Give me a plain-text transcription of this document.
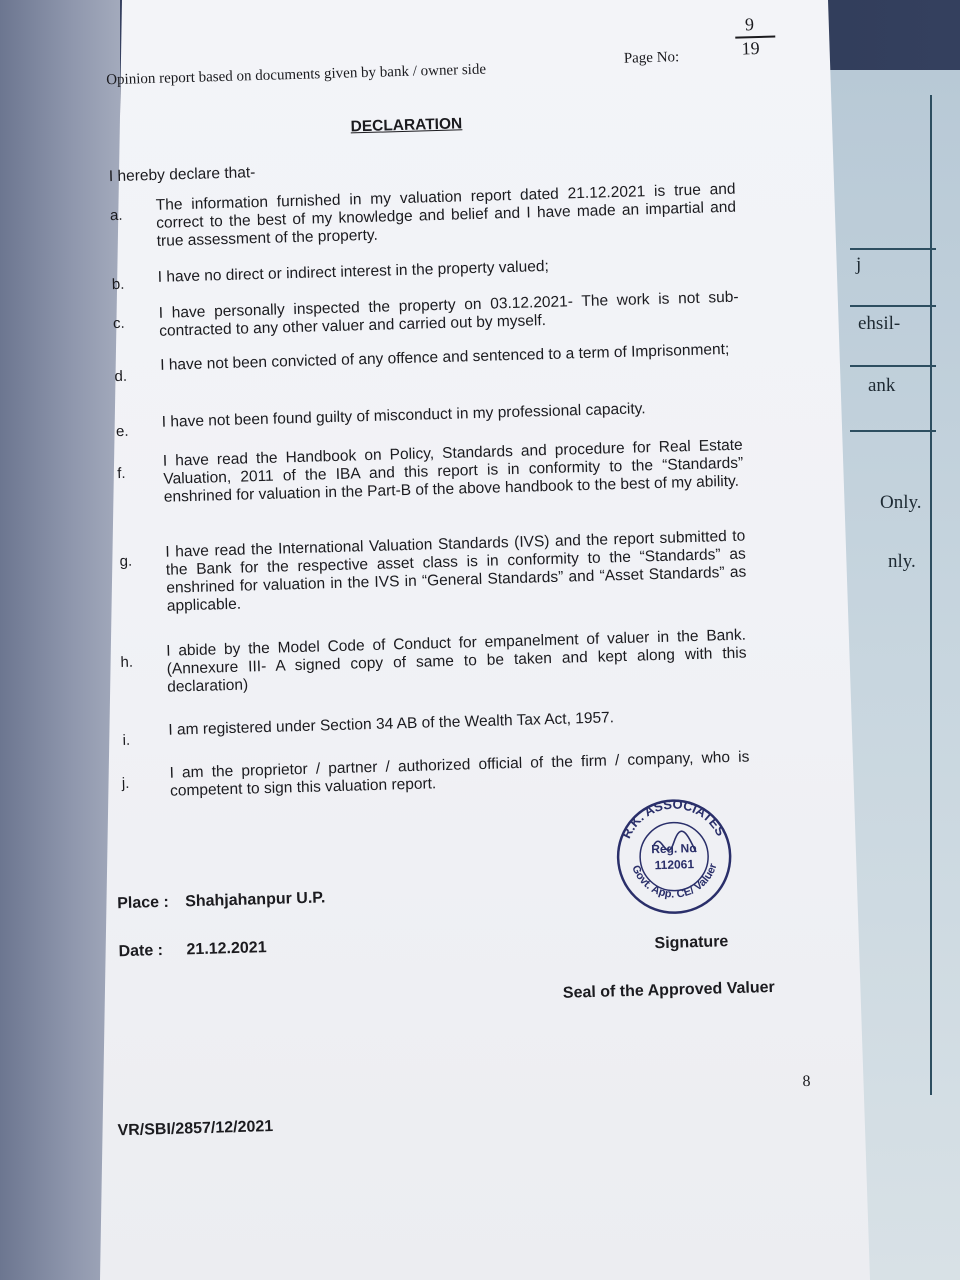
j
ehsil-
ank
Only.
nly.
Opinion report based on documents given by bank / owner side
Page No:
9
19
DECLARATION
I hereby declare that-
a.
The information furnished in my valuation report dated 21.12.2021 is true and correct to the best of my knowledge and belief and I have made an impartial and true assessment of the property.
b. I have no direct or indirect interest in the property valued;
c.
I have personally inspected the property on 03.12.2021- The work is not sub-contracted to any other valuer and carried out by myself.
d.
I have not been convicted of any offence and sentenced to a term of Imprisonment;
e.
I have not been found guilty of misconduct in my professional capacity.
f.
I have read the Handbook on Policy, Standards and procedure for Real Estate Valuation, 2011 of the IBA and this report is in conformity to the “Standards” enshrined for valuation in the Part-B of the above handbook to the best of my ability.
g.
I have read the International Valuation Standards (IVS) and the report submitted to the Bank for the respective asset class is in conformity to the “Standards” as enshrined for valuation in the IVS in “General Standards” and “Asset Standards” as applicable.
h.
I abide by the Model Code of Conduct for empanelment of valuer in the Bank. (Annexure III- A signed copy of same to be taken and kept along with this declaration)
i.
I am registered under Section 34 AB of the Wealth Tax Act, 1957.
j.
I am the proprietor / partner / authorized official of the firm / company, who is competent to sign this valuation report.
Place : Shahjahanpur U.P.
Date : 21.12.2021
R.K. ASSOCIATES
Govt. App. CE/ Valuer
Reg. No
112061
Signature
Seal of the Approved Valuer
8
VR/SBI/2857/12/2021
